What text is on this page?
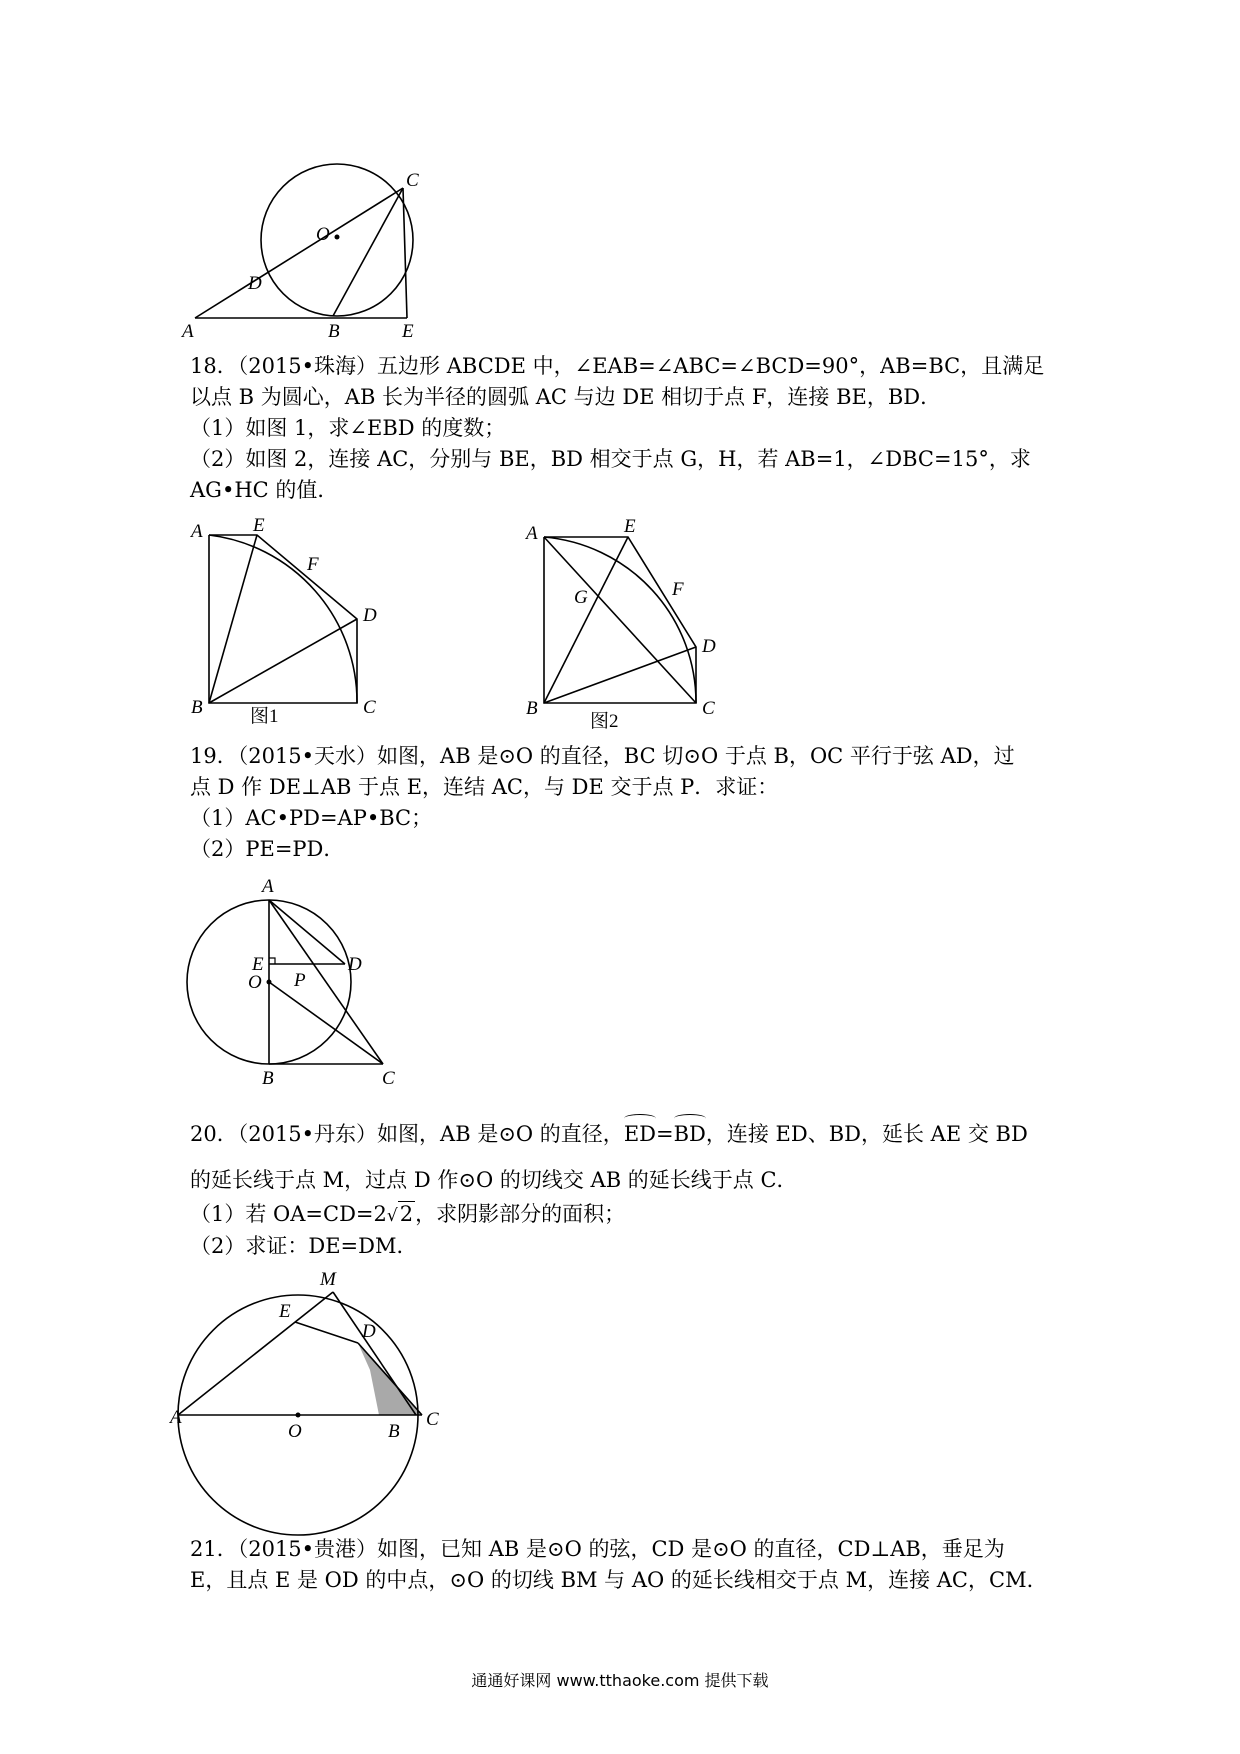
C
O
D
A	B	E
18．（2015•珠海）五边形 ABCDE 中，∠EAB=∠ABC=∠BCD=90°，AB=BC，且满足
以点 B 为圆心，AB 长为半径的圆弧 AC 与边 DE 相切于点 F，连接 BE，BD．
（1）如图 1，求∠EBD 的度数；
（2）如图 2，连接 AC，分别与 BE，BD 相交于点 G，H，若 AB=1，∠DBC=15°，求
AG•HC 的值．
A	E
F
D
B	C
图1
A	E
G	F
D
B	C
图2
19．（2015•天水）如图，AB 是⊙O 的直径，BC 切⊙O 于点 B，OC 平行于弦 AD，过
点 D 作 DE⊥AB 于点 E，连结 AC，与 DE 交于点 P．求证：
（1）AC•PD=AP•BC；
（2）PE=PD．
A
E	D
P
O
B	C
20．（2015•丹东）如图，AB 是⊙O 的直径，ED=BD，连接 ED、BD，延长 AE 交 BD
的延长线于点 M，过点 D 作⊙O 的切线交 AB 的延长线于点 C．
（1）若 OA=CD=2√2，求阴影部分的面积；
（2）求证：DE=DM．
M
E
D
A
O	B
C
21．（2015•贵港）如图，已知 AB 是⊙O 的弦，CD 是⊙O 的直径，CD⊥AB，垂足为
E，且点 E 是 OD 的中点，⊙O 的切线 BM 与 AO 的延长线相交于点 M，连接 AC，CM．
通通好课网 www.tthaoke.com 提供下载
